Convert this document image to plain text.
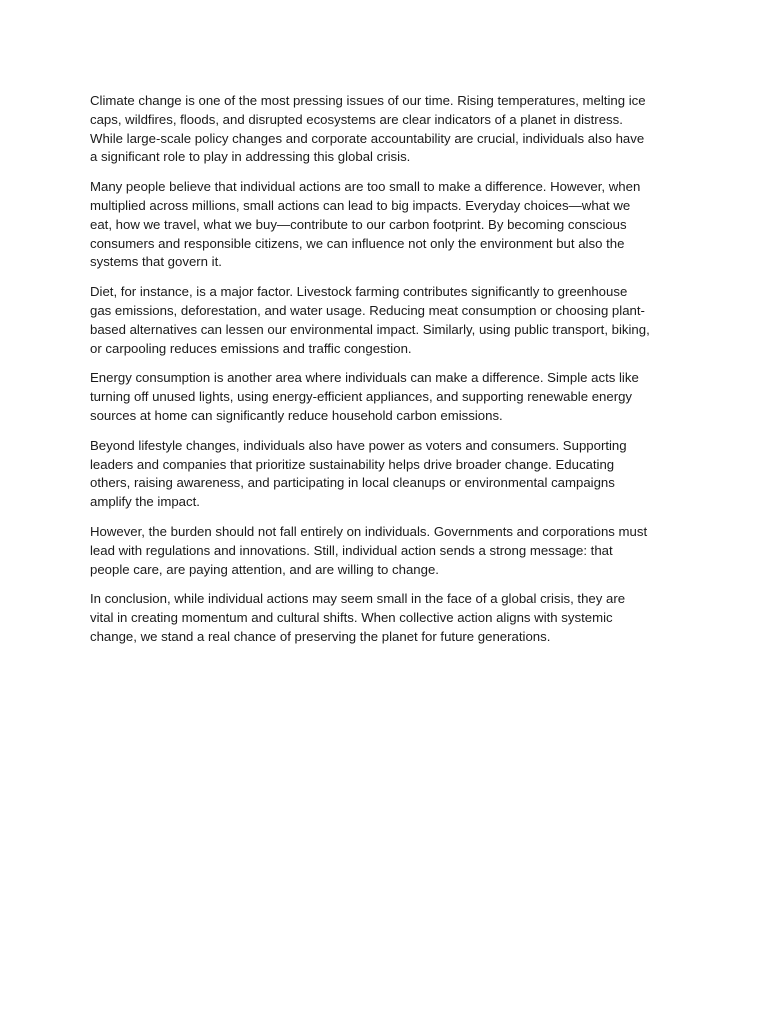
Climate change is one of the most pressing issues of our time. Rising temperatures, melting ice
caps, wildfires, floods, and disrupted ecosystems are clear indicators of a planet in distress.
While large-scale policy changes and corporate accountability are crucial, individuals also have
a significant role to play in addressing this global crisis.

Many people believe that individual actions are too small to make a difference. However, when
multiplied across millions, small actions can lead to big impacts. Everyday choices—what we
eat, how we travel, what we buy—contribute to our carbon footprint. By becoming conscious
consumers and responsible citizens, we can influence not only the environment but also the
systems that govern it.

Diet, for instance, is a major factor. Livestock farming contributes significantly to greenhouse
gas emissions, deforestation, and water usage. Reducing meat consumption or choosing plant-
based alternatives can lessen our environmental impact. Similarly, using public transport, biking,
or carpooling reduces emissions and traffic congestion.

Energy consumption is another area where individuals can make a difference. Simple acts like
turning off unused lights, using energy-efficient appliances, and supporting renewable energy
sources at home can significantly reduce household carbon emissions.

Beyond lifestyle changes, individuals also have power as voters and consumers. Supporting
leaders and companies that prioritize sustainability helps drive broader change. Educating
others, raising awareness, and participating in local cleanups or environmental campaigns
amplify the impact.

However, the burden should not fall entirely on individuals. Governments and corporations must
lead with regulations and innovations. Still, individual action sends a strong message: that
people care, are paying attention, and are willing to change.

In conclusion, while individual actions may seem small in the face of a global crisis, they are
vital in creating momentum and cultural shifts. When collective action aligns with systemic
change, we stand a real chance of preserving the planet for future generations.
